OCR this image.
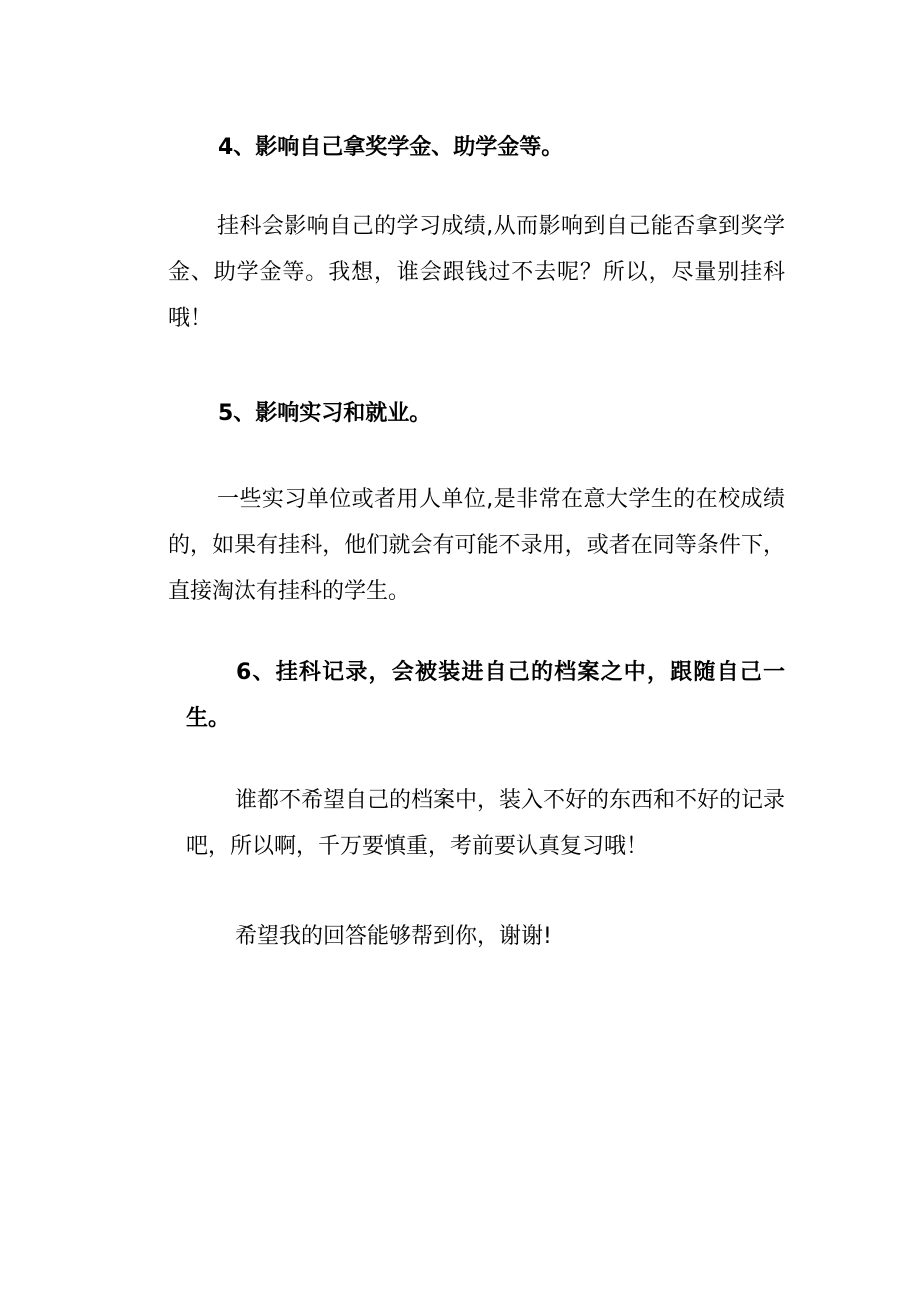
4、影响自己拿奖学金、助学金等。
挂科会影响自己的学习成绩,从而影响到自己能否拿到奖学金、助学金等。我想，谁会跟钱过不去呢？所以，尽量别挂科哦！
5、影响实习和就业。
一些实习单位或者用人单位,是非常在意大学生的在校成绩的，如果有挂科，他们就会有可能不录用，或者在同等条件下，直接淘汰有挂科的学生。
6、挂科记录，会被装进自己的档案之中，跟随自己一生。
谁都不希望自己的档案中，装入不好的东西和不好的记录吧，所以啊，千万要慎重，考前要认真复习哦！
希望我的回答能够帮到你，谢谢!
